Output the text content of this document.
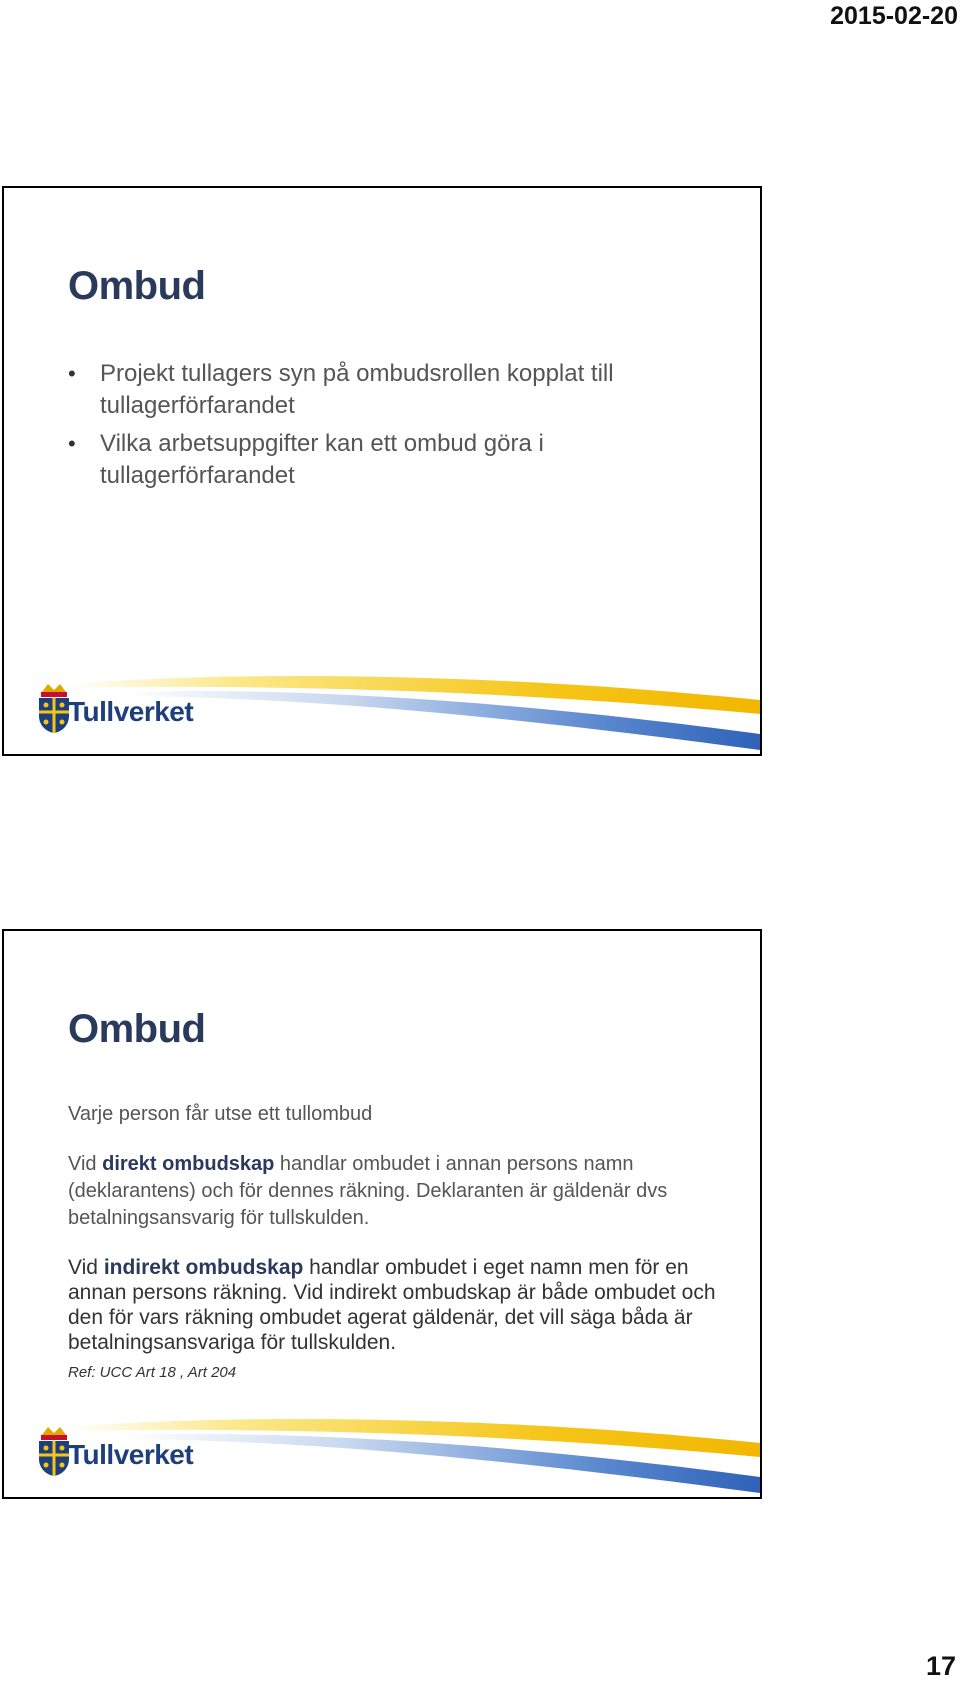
2015-02-20
Ombud
• Projekt tullagers syn på ombudsrollen kopplat till tullagerförfarandet
• Vilka arbetsuppgifter kan ett ombud göra i tullagerförfarandet
Tullverket
Ombud

Varje person får utse ett tullombud

Vid direkt ombudskap handlar ombudet i annan persons namn (deklarantens) och för dennes räkning. Deklaranten är gäldenär dvs betalningsansvarig för tullskulden.

Vid indirekt ombudskap handlar ombudet i eget namn men för en annan persons räkning. Vid indirekt ombudskap är både ombudet och den för vars räkning ombudet agerat gäldenär, det vill säga båda är betalningsansvariga för tullskulden.

Ref: UCC Art 18 , Art 204

Tullverket
17
